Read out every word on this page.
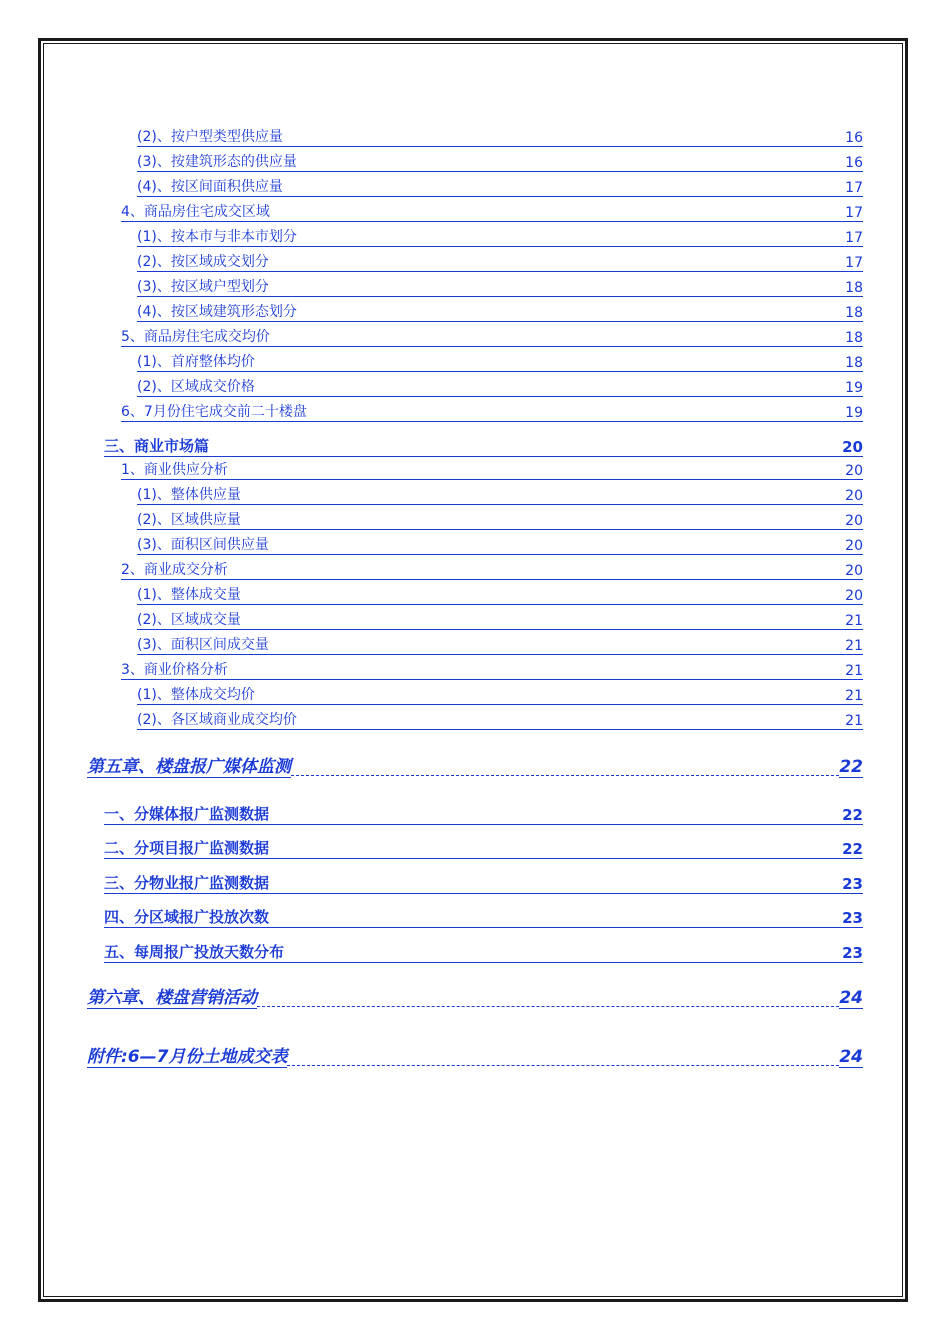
(2)、按户型类型供应量	16
(3)、按建筑形态的供应量	16
(4)、按区间面积供应量	17
4、商品房住宅成交区域	17
(1)、按本市与非本市划分	17
(2)、按区域成交划分	17
(3)、按区域户型划分	18
(4)、按区域建筑形态划分	18
5、商品房住宅成交均价	18
(1)、首府整体均价	18
(2)、区域成交价格	19
6、7月份住宅成交前二十楼盘	19
三、商业市场篇	20
1、商业供应分析	20
(1)、整体供应量	20
(2)、区域供应量	20
(3)、面积区间供应量	20
2、商业成交分析	20
(1)、整体成交量	20
(2)、区域成交量	21
(3)、面积区间成交量	21
3、商业价格分析	21
(1)、整体成交均价	21
(2)、各区域商业成交均价	21
第五章、楼盘报广媒体监测	22
一、分媒体报广监测数据	22
二、分项目报广监测数据	22
三、分物业报广监测数据	23
四、分区域报广投放次数	23
五、每周报广投放天数分布	23
第六章、楼盘营销活动	24
附件:6—7月份土地成交表	24
